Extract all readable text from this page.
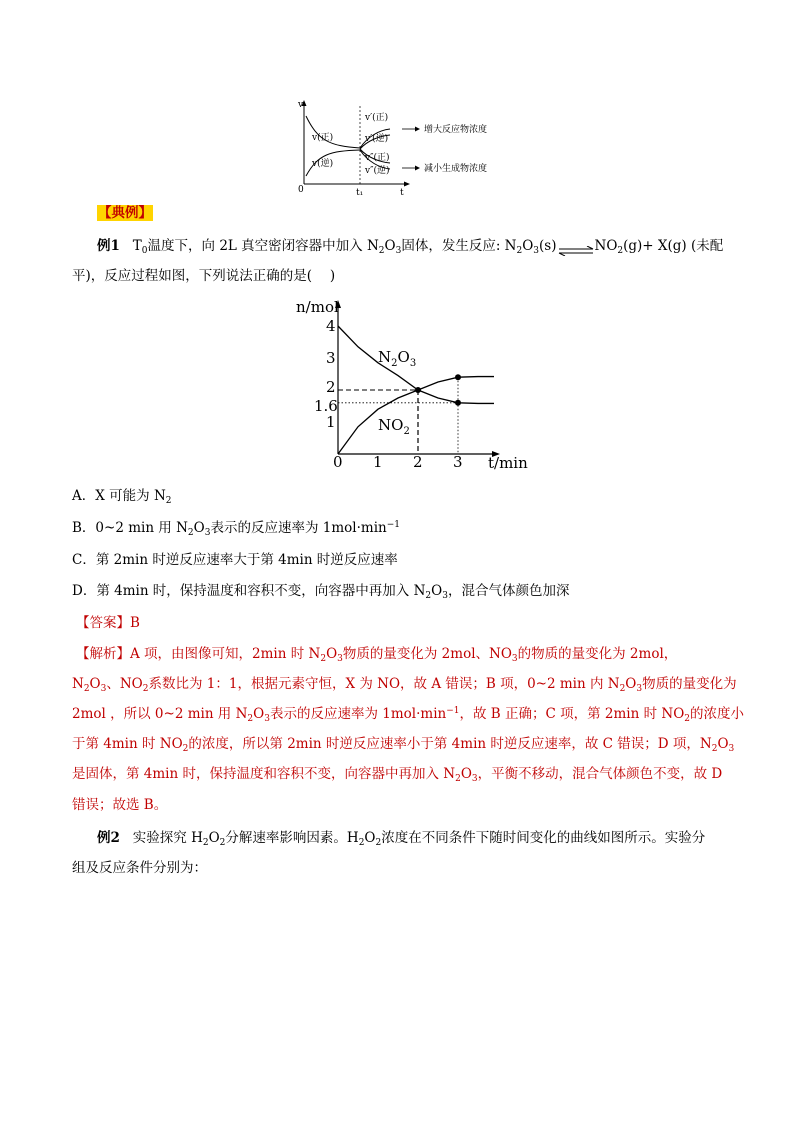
v
t
0	t₁
v(正)
v(逆)
v′(正)
v′(逆)
v″(正)
v″(逆)
增大反应物浓度
减小生成物浓度
【典例】
例1 $T_0$温度下，向 2L 真空密闭容器中加入 $N_2O_3$固体，发生反应: $N_2O_3(s)\rightleftharpoons NO_2(g)+ X(g)$ (未配
平)，反应过程如图，下列说法正确的是(　 )
n/mol
t/min
0 1 2 3
1
1.6
2
3
4
$N_2O_3$
$NO_2$
A．X 可能为 $N_2$
B．0~2 min 用 $N_2O_3$表示的反应速率为 $1mol\cdot\min^{-1}$
C．第 2min 时逆反应速率大于第 4min 时逆反应速率
D．第 4min 时，保持温度和容积不变，向容器中再加入 $N_2O_3$，混合气体颜色加深
【答案】B
【解析】A 项，由图像可知，2min 时 $N_2O_3$物质的量变化为 2mol、$NO_3$的物质的量变化为 2mol，
$N_2O_3$、$NO_2$系数比为 1：1，根据元素守恒，X 为 NO，故 A 错误；B 项，0~2 min 内 $N_2O_3$物质的量变化为
2mol ，所以 0~2 min 用 $N_2O_3$表示的反应速率为 $1mol\cdot\min^{-1}$，故 B 正确；C 项，第 2min 时 $NO_2$的浓度小
于第 4min 时 $NO_2$的浓度，所以第 2min 时逆反应速率小于第 4min 时逆反应速率，故 C 错误；D 项，$N_2O_3$
是固体，第 4min 时，保持温度和容积不变，向容器中再加入 $N_2O_3$，平衡不移动，混合气体颜色不变，故 D
错误；故选 B。
例2 实验探究 $H_2O_2$分解速率影响因素。$H_2O_2$浓度在不同条件下随时间变化的曲线如图所示。实验分
组及反应条件分别为：
